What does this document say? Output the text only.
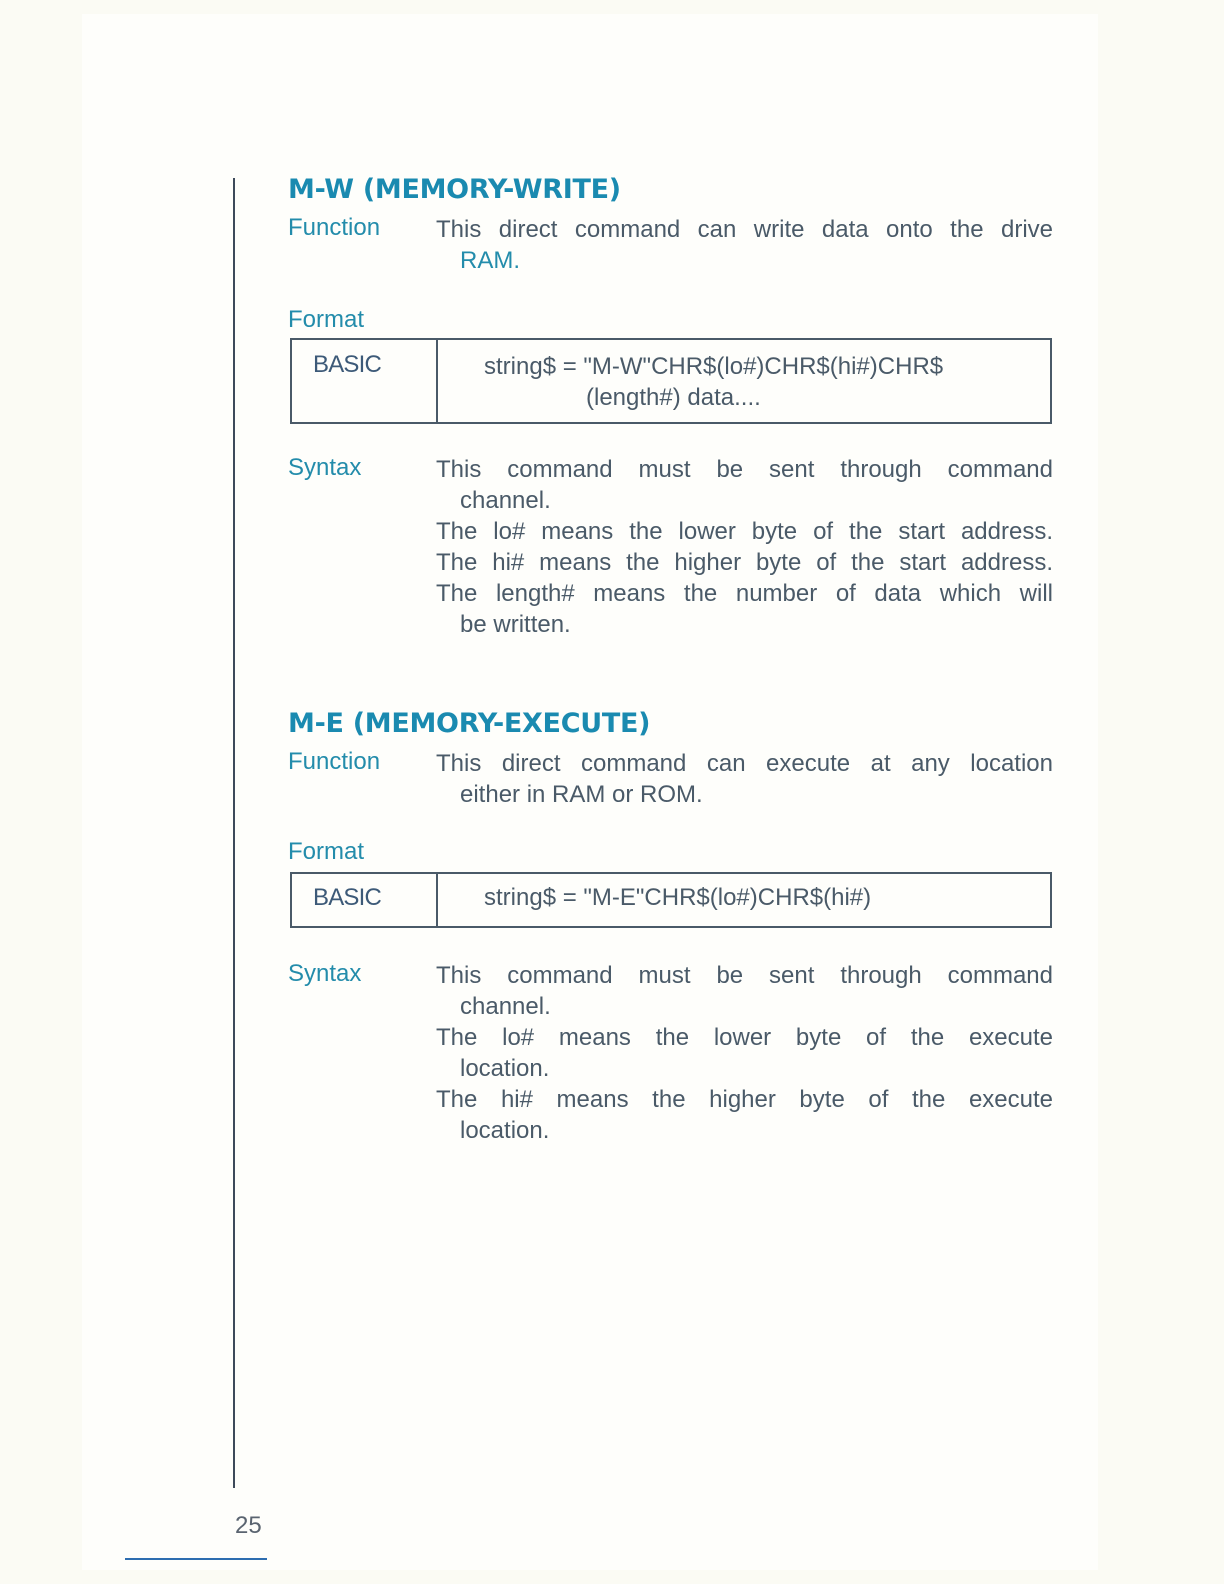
25
M-W (MEMORY-WRITE)
Function This direct command can write data onto the drive
RAM.
Format
BASIC	string$ = "M-W"CHR$(lo#)CHR$(hi#)CHR$
(length#) data....
Syntax	This command must be sent through command
channel.
The lo# means the lower byte of the start address.
The hi# means the higher byte of the start address.
The length# means the number of data which will
be written.
M-E (MEMORY-EXECUTE)
Function This direct command can execute at any location
either in RAM or ROM.
Format
BASIC	string$ = "M-E"CHR$(lo#)CHR$(hi#)
Syntax	This command must be sent through command
channel.
The lo# means the lower byte of the execute
location.
The hi# means the higher byte of the execute
location.
